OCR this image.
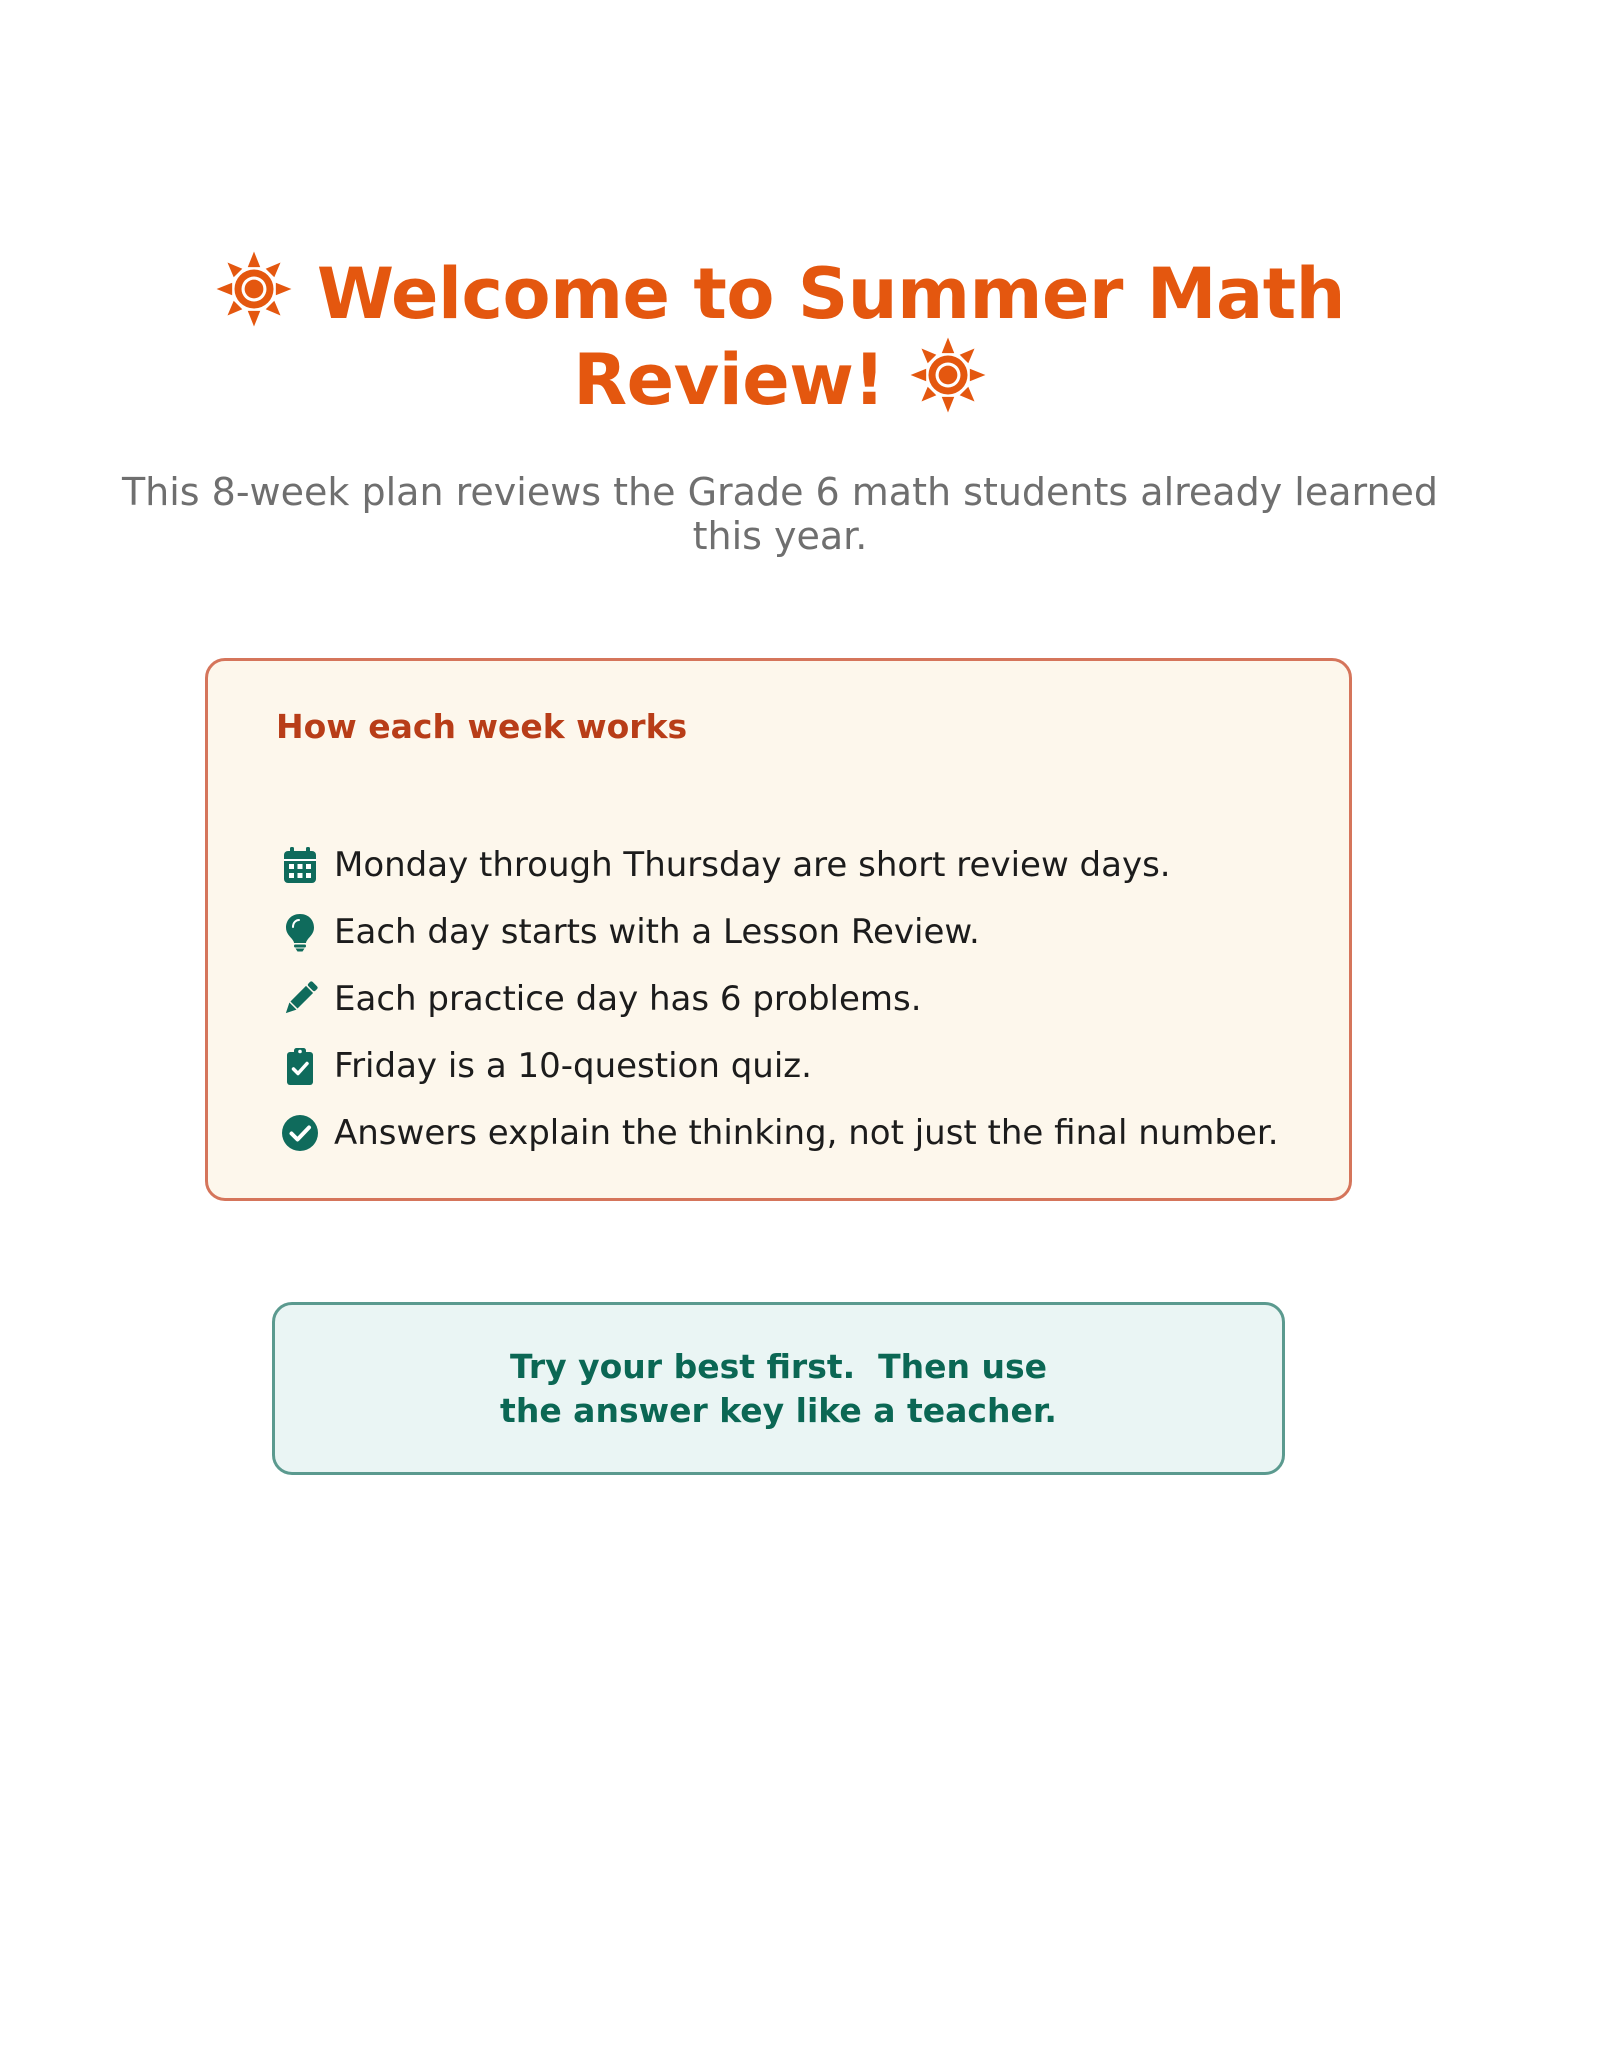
Welcome to Summer Math
Review!
This 8-week plan reviews the Grade 6 math students already learned
this year.
How each week works
Monday through Thursday are short review days.
Each day starts with a Lesson Review.
Each practice day has 6 problems.
Friday is a 10-question quiz.
Answers explain the thinking, not just the final number.
Try your best first.  Then use
the answer key like a teacher.
